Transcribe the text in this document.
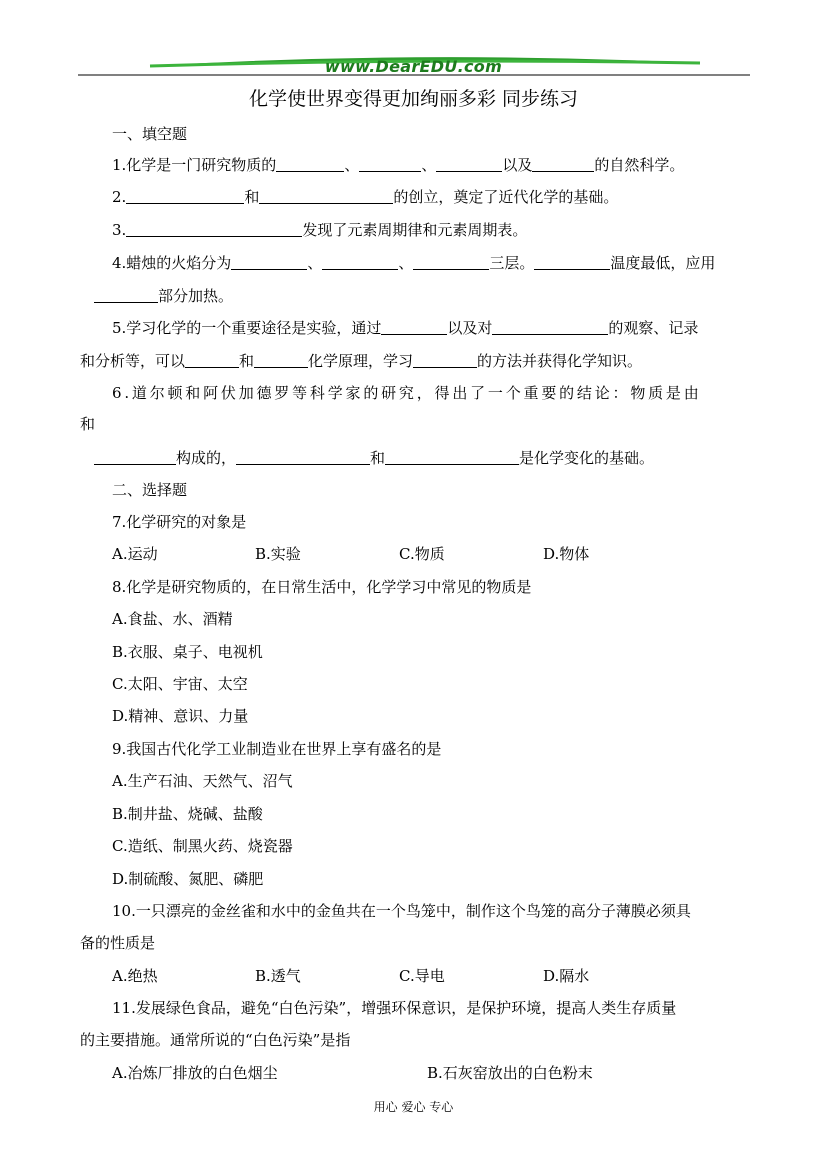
www.DearEDU.com
化学使世界变得更加绚丽多彩 同步练习
一、填空题
1.化学是一门研究物质的	、	、	以及	的自然科学。
2.	和	的创立，奠定了近代化学的基础。
3.	发现了元素周期律和元素周期表。
4.蜡烛的火焰分为	、	、	三层。	温度最低，应用
部分加热。
5.学习化学的一个重要途径是实验，通过	以及对	的观察、记录
和分析等，可以	和	化学原理，学习	的方法并获得化学知识。
6.道尔顿和阿伏加德罗等科学家的研究，得出了一个重要的结论：物质是由
和
构成的，	和	是化学变化的基础。
二、选择题
7.化学研究的对象是
A.运动	B.实验	C.物质	D.物体
8.化学是研究物质的，在日常生活中，化学学习中常见的物质是
A.食盐、水、酒精
B.衣服、桌子、电视机
C.太阳、宇宙、太空
D.精神、意识、力量
9.我国古代化学工业制造业在世界上享有盛名的是
A.生产石油、天然气、沼气
B.制井盐、烧碱、盐酸
C.造纸、制黑火药、烧瓷器
D.制硫酸、氮肥、磷肥
10.一只漂亮的金丝雀和水中的金鱼共在一个鸟笼中，制作这个鸟笼的高分子薄膜必须具
备的性质是
A.绝热	B.透气	C.导电	D.隔水
11.发展绿色食品，避免“白色污染”，增强环保意识，是保护环境，提高人类生存质量
的主要措施。通常所说的“白色污染”是指
A.冶炼厂排放的白色烟尘	B.石灰窑放出的白色粉末
用心 爱心 专心
